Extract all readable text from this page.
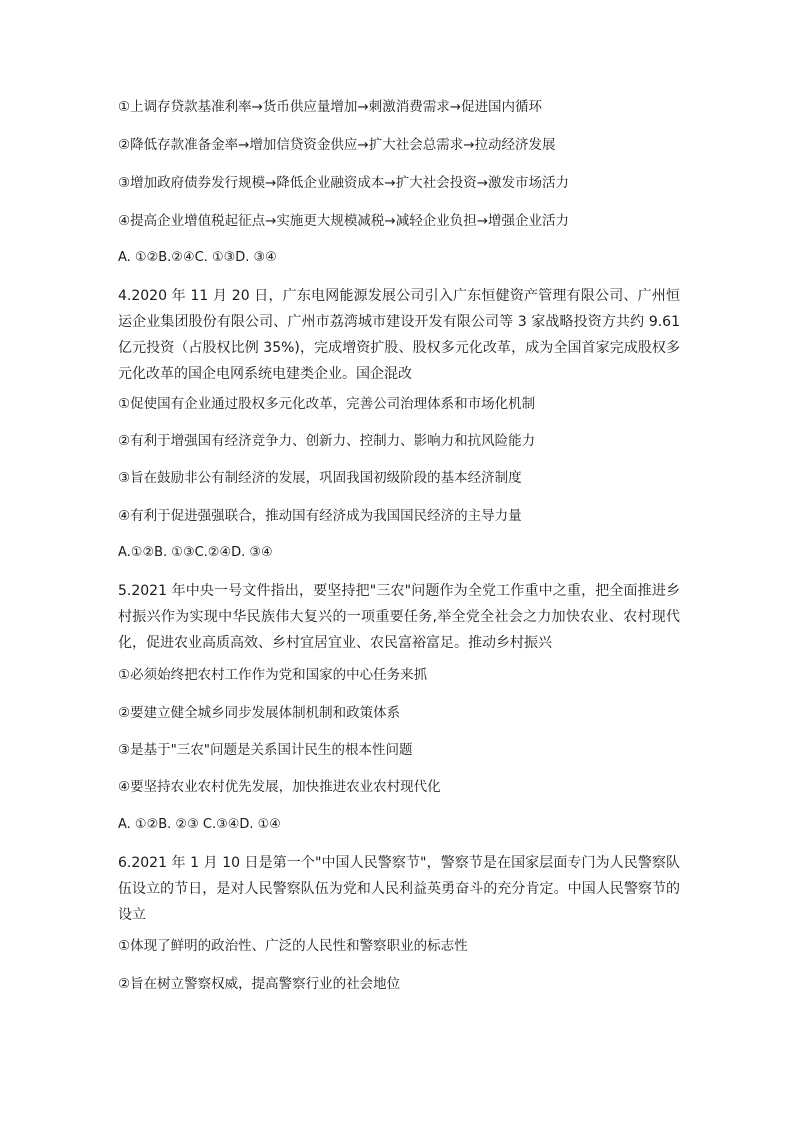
①上调存贷款基准利率→货币供应量增加→刺激消费需求→促进国内循环
②降低存款准备金率→增加信贷资金供应→扩大社会总需求→拉动经济发展
③增加政府债券发行规模→降低企业融资成本→扩大社会投资→激发市场活力
④提高企业增值税起征点→实施更大规模减税→减轻企业负担→增强企业活力
A. ①②B.②④C. ①③D. ③④
4.2020 年 11 月 20 日，广东电网能源发展公司引入广东恒健资产管理有限公司、广州恒运企业集团股份有限公司、广州市荔湾城市建设开发有限公司等 3 家战略投资方共约 9.61 亿元投资（占股权比例 35%)，完成增资扩股、股权多元化改革，成为全国首家完成股权多元化改革的国企电网系统电建类企业。国企混改
①促使国有企业通过股权多元化改革，完善公司治理体系和市场化机制
②有利于增强国有经济竞争力、创新力、控制力、影响力和抗风险能力
③旨在鼓励非公有制经济的发展，巩固我国初级阶段的基本经济制度
④有利于促进强强联合，推动国有经济成为我国国民经济的主导力量
A.①②B. ①③C.②④D. ③④
5.2021 年中央一号文件指出，要坚持把"三农"问题作为全党工作重中之重，把全面推进乡村振兴作为实现中华民族伟大复兴的一项重要任务,举全党全社会之力加快农业、农村现代化，促进农业高质高效、乡村宜居宜业、农民富裕富足。推动乡村振兴
①必须始终把农村工作作为党和国家的中心任务来抓
②要建立健全城乡同步发展体制机制和政策体系
③是基于"三农"问题是关系国计民生的根本性问题
④要坚持农业农村优先发展，加快推进农业农村现代化
A. ①②B. ②③ C.③④D. ①④
6.2021 年 1 月 10 日是第一个"中国人民警察节"，警察节是在国家层面专门为人民警察队伍设立的节日，是对人民警察队伍为党和人民利益英勇奋斗的充分肯定。中国人民警察节的设立
①体现了鲜明的政治性、广泛的人民性和警察职业的标志性
②旨在树立警察权威，提高警察行业的社会地位
